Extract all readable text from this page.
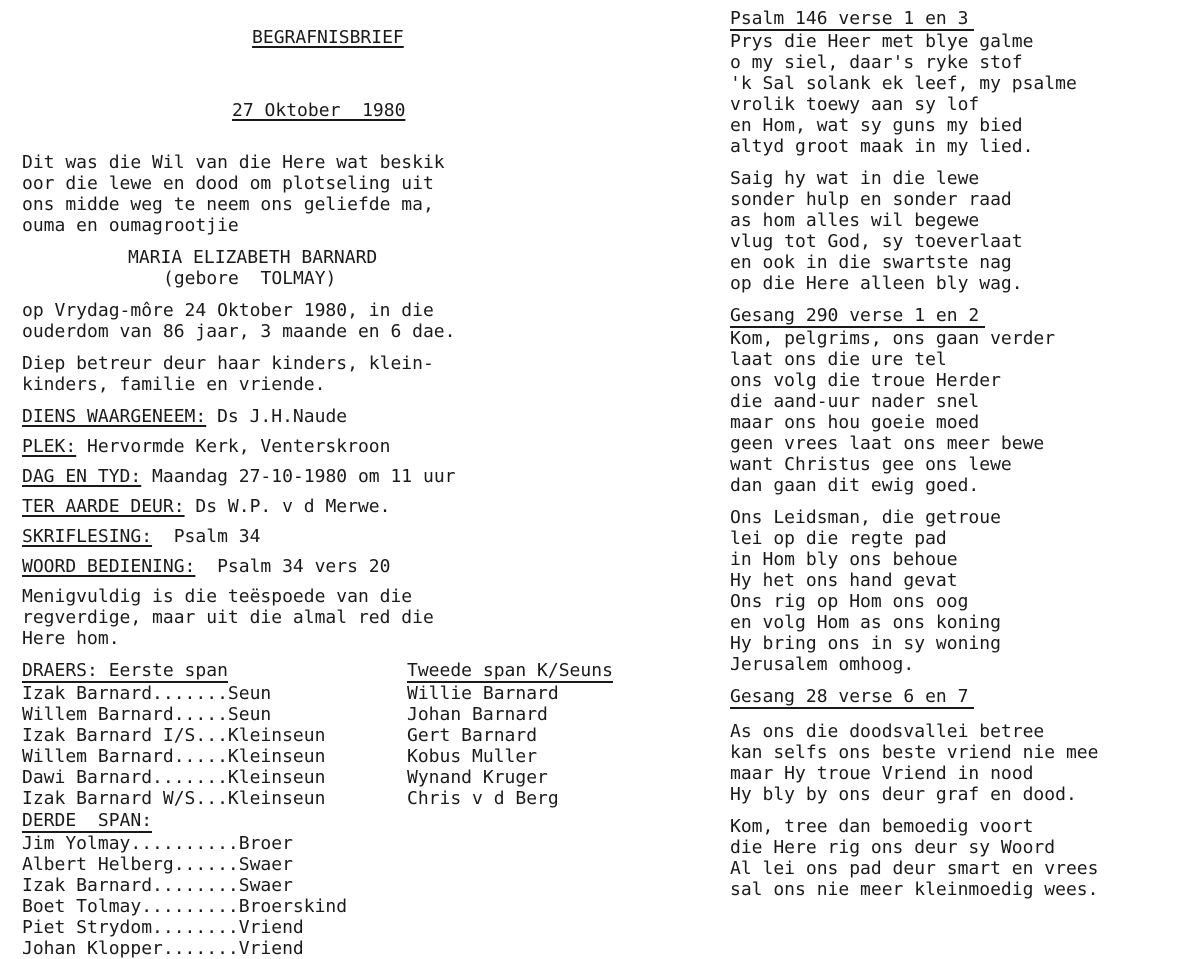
BEGRAFNISBRIEF

27 Oktober  1980

Dit was die Wil van die Here wat beskik
oor die lewe en dood om plotseling uit
ons midde weg te neem ons geliefde ma,
ouma en oumagrootjie
MARIA ELIZABETH BARNARD
(gebore  TOLMAY)
op Vrydag-môre 24 Oktober 1980, in die
ouderdom van 86 jaar, 3 maande en 6 dae.
Diep betreur deur haar kinders, klein-
kinders, familie en vriende.
DIENS WAARGENEEM: Ds J.H.Naude
PLEK: Hervormde Kerk, Venterskroon
DAG EN TYD: Maandag 27-10-1980 om 11 uur
TER AARDE DEUR: Ds W.P. v d Merwe.
SKRIFLESING:  Psalm 34
WOORD BEDIENING:  Psalm 34 vers 20
Menigvuldig is die teëspoede van die
regverdige, maar uit die almal red die
Here hom.
DRAERS: Eerste span
Izak Barnard.......Seun
Willem Barnard.....Seun
Izak Barnard I/S...Kleinseun
Willem Barnard.....Kleinseun
Dawi Barnard.......Kleinseun
Izak Barnard W/S...Kleinseun
Tweede span K/Seuns
Willie Barnard
Johan Barnard
Gert Barnard
Kobus Muller
Wynand Kruger
Chris v d Berg
DERDE  SPAN:
Jim Yolmay..........Broer
Albert Helberg......Swaer
Izak Barnard........Swaer
Boet Tolmay.........Broerskind
Piet Strydom........Vriend
Johan Klopper.......Vriend
Psalm 146 verse 1 en 3
Prys die Heer met blye galme
o my siel, daar's ryke stof
'k Sal solank ek leef, my psalme
vrolik toewy aan sy lof
en Hom, wat sy guns my bied
altyd groot maak in my lied.
Saig hy wat in die lewe
sonder hulp en sonder raad
as hom alles wil begewe
vlug tot God, sy toeverlaat
en ook in die swartste nag
op die Here alleen bly wag.
Gesang 290 verse 1 en 2
Kom, pelgrims, ons gaan verder
laat ons die ure tel
ons volg die troue Herder
die aand-uur nader snel
maar ons hou goeie moed
geen vrees laat ons meer bewe
want Christus gee ons lewe
dan gaan dit ewig goed.
Ons Leidsman, die getroue
lei op die regte pad
in Hom bly ons behoue
Hy het ons hand gevat
Ons rig op Hom ons oog
en volg Hom as ons koning
Hy bring ons in sy woning
Jerusalem omhoog.
Gesang 28 verse 6 en 7
As ons die doodsvallei betree
kan selfs ons beste vriend nie mee
maar Hy troue Vriend in nood
Hy bly by ons deur graf en dood.
Kom, tree dan bemoedig voort
die Here rig ons deur sy Woord
Al lei ons pad deur smart en vrees
sal ons nie meer kleinmoedig wees.
